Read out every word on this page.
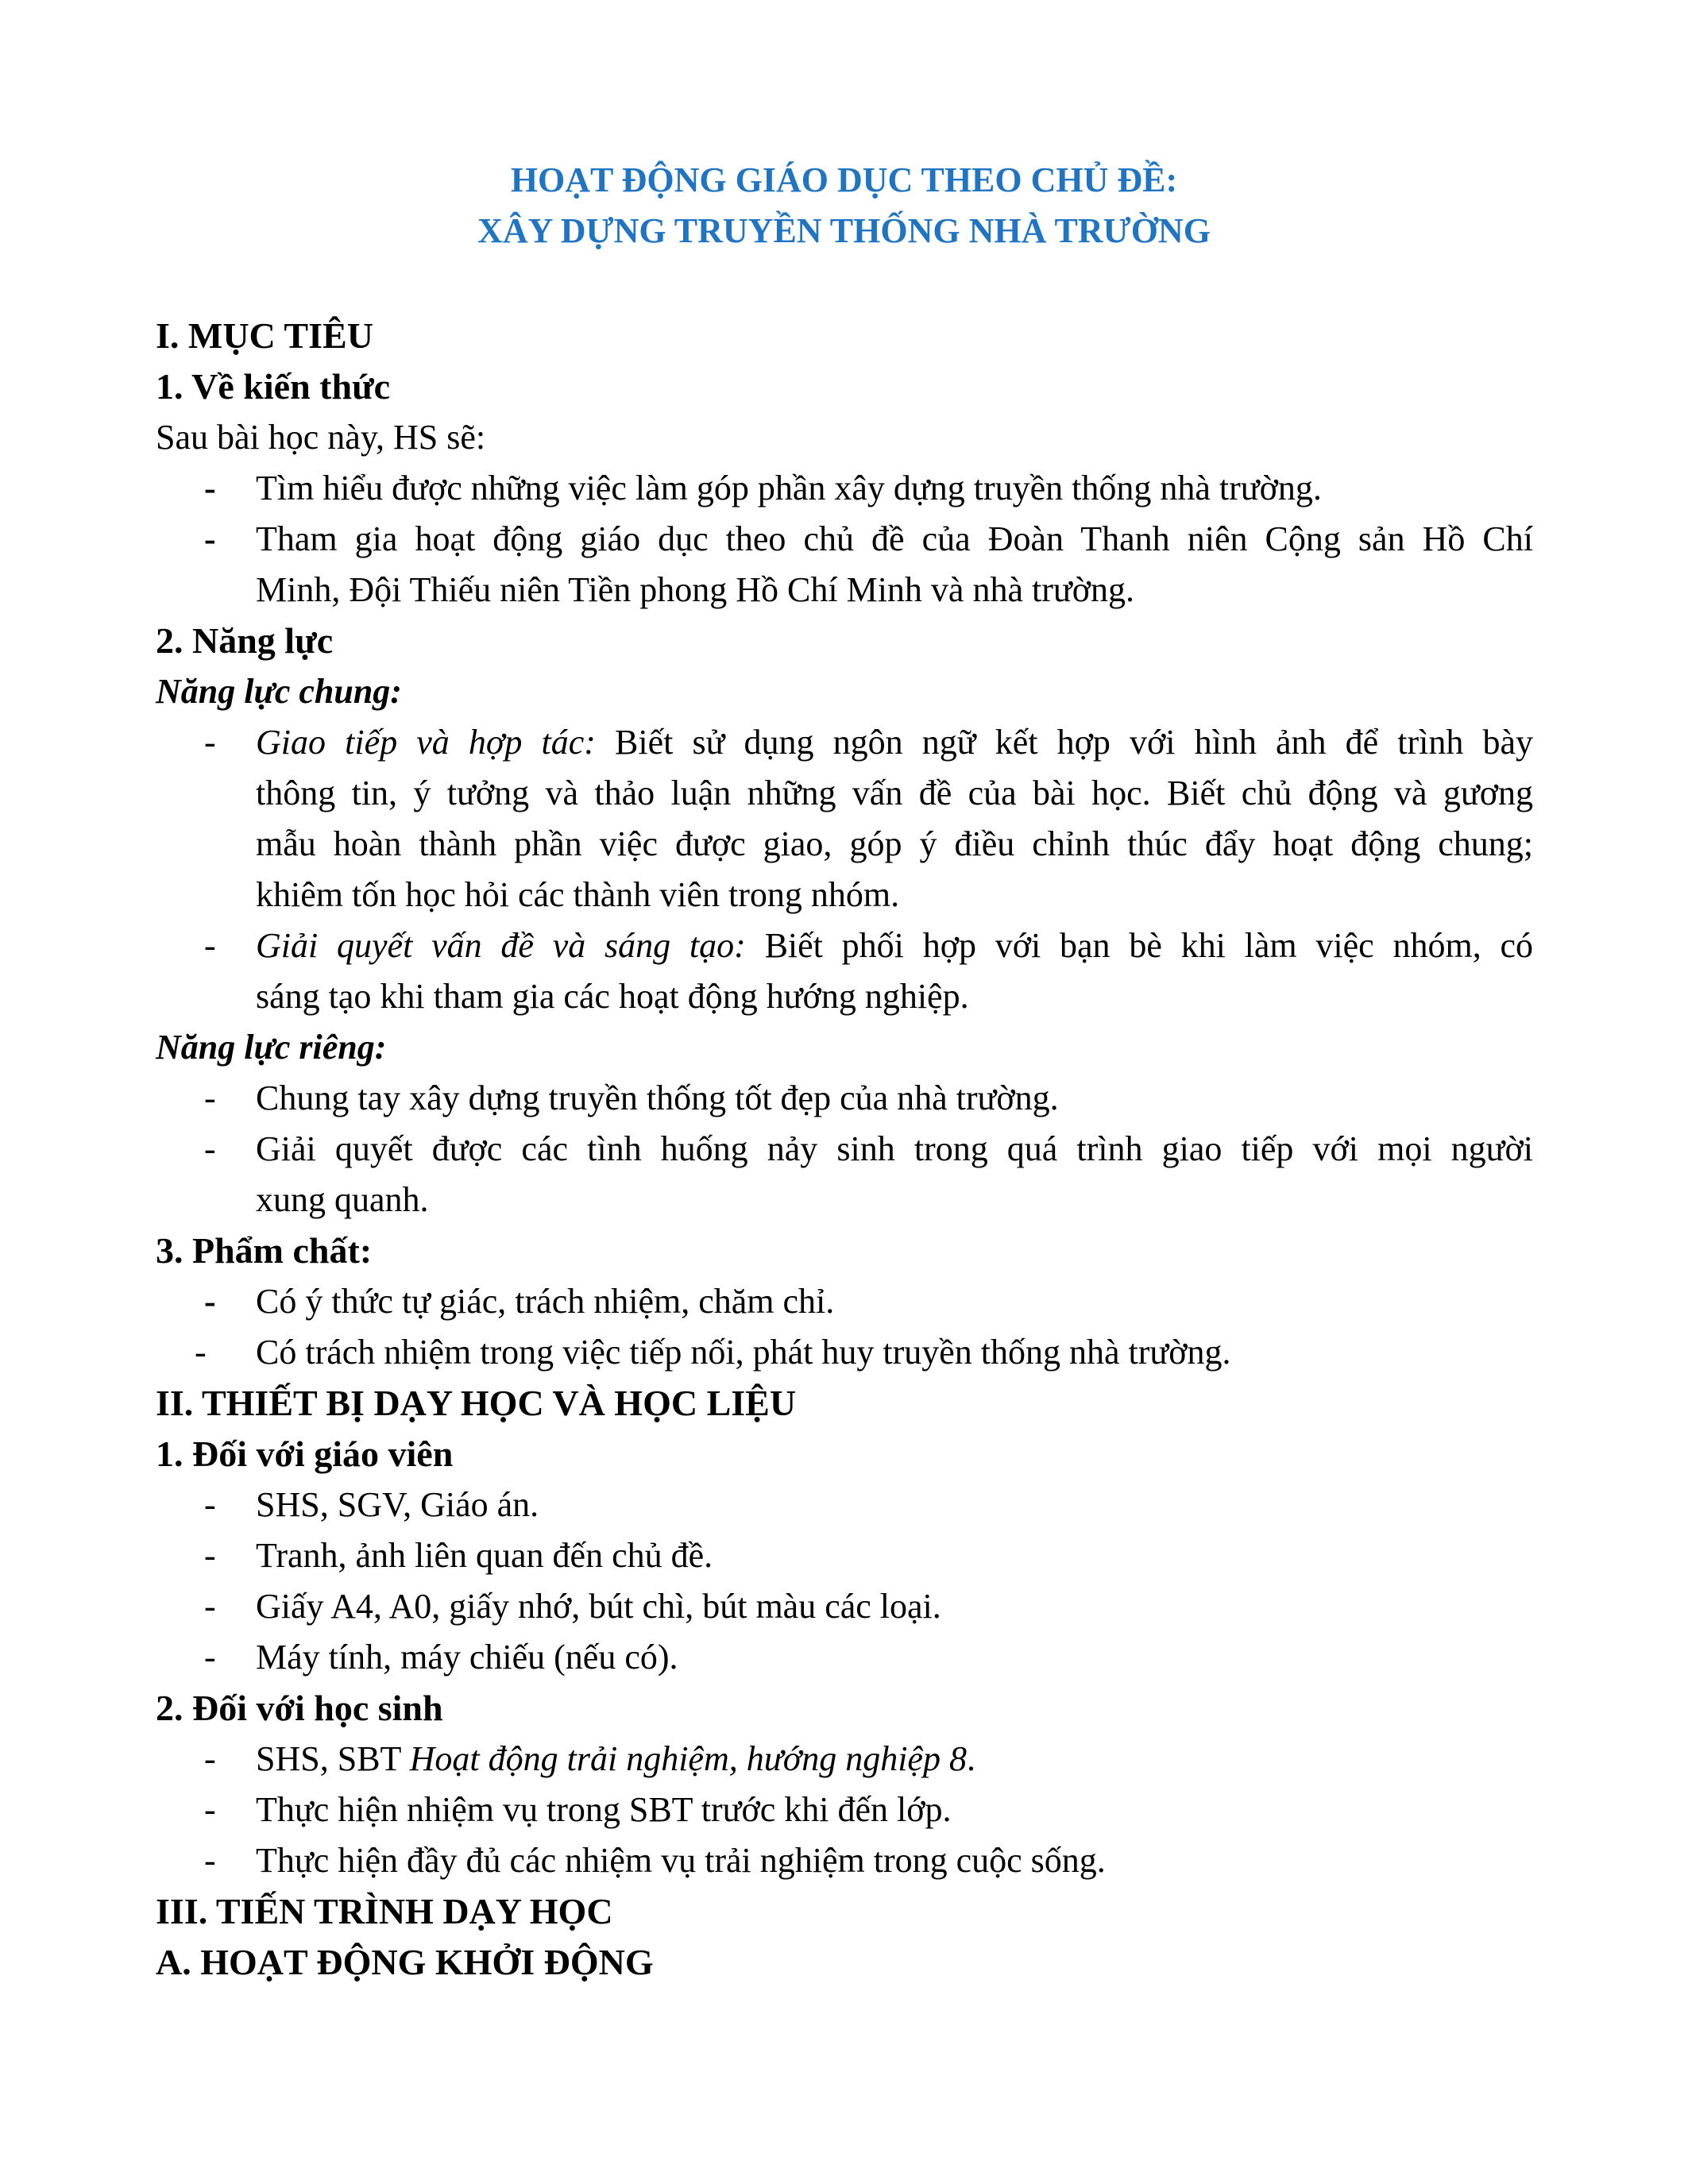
HOẠT ĐỘNG GIÁO DỤC THEO CHỦ ĐỀ:
XÂY DỰNG TRUYỀN THỐNG NHÀ TRƯỜNG
I. MỤC TIÊU
1. Về kiến thức
Sau bài học này, HS sẽ:
- Tìm hiểu được những việc làm góp phần xây dựng truyền thống nhà trường.
- Tham gia hoạt động giáo dục theo chủ đề của Đoàn Thanh niên Cộng sản Hồ Chí
Minh, Đội Thiếu niên Tiền phong Hồ Chí Minh và nhà trường.
2. Năng lực
Năng lực chung:
- Giao tiếp và hợp tác: Biết sử dụng ngôn ngữ kết hợp với hình ảnh để trình bày
thông tin, ý tưởng và thảo luận những vấn đề của bài học. Biết chủ động và gương
mẫu hoàn thành phần việc được giao, góp ý điều chỉnh thúc đẩy hoạt động chung;
khiêm tốn học hỏi các thành viên trong nhóm.
- Giải quyết vấn đề và sáng tạo: Biết phối hợp với bạn bè khi làm việc nhóm, có
sáng tạo khi tham gia các hoạt động hướng nghiệp.
Năng lực riêng:
- Chung tay xây dựng truyền thống tốt đẹp của nhà trường.
- Giải quyết được các tình huống nảy sinh trong quá trình giao tiếp với mọi người
xung quanh.
3. Phẩm chất:
- Có ý thức tự giác, trách nhiệm, chăm chỉ.
- Có trách nhiệm trong việc tiếp nối, phát huy truyền thống nhà trường.
II. THIẾT BỊ DẠY HỌC VÀ HỌC LIỆU
1. Đối với giáo viên
- SHS, SGV, Giáo án.
- Tranh, ảnh liên quan đến chủ đề.
- Giấy A4, A0, giấy nhớ, bút chì, bút màu các loại.
- Máy tính, máy chiếu (nếu có).
2. Đối với học sinh
- SHS, SBT Hoạt động trải nghiệm, hướng nghiệp 8.
- Thực hiện nhiệm vụ trong SBT trước khi đến lớp.
- Thực hiện đầy đủ các nhiệm vụ trải nghiệm trong cuộc sống.
III. TIẾN TRÌNH DẠY HỌC
A. HOẠT ĐỘNG KHỞI ĐỘNG
